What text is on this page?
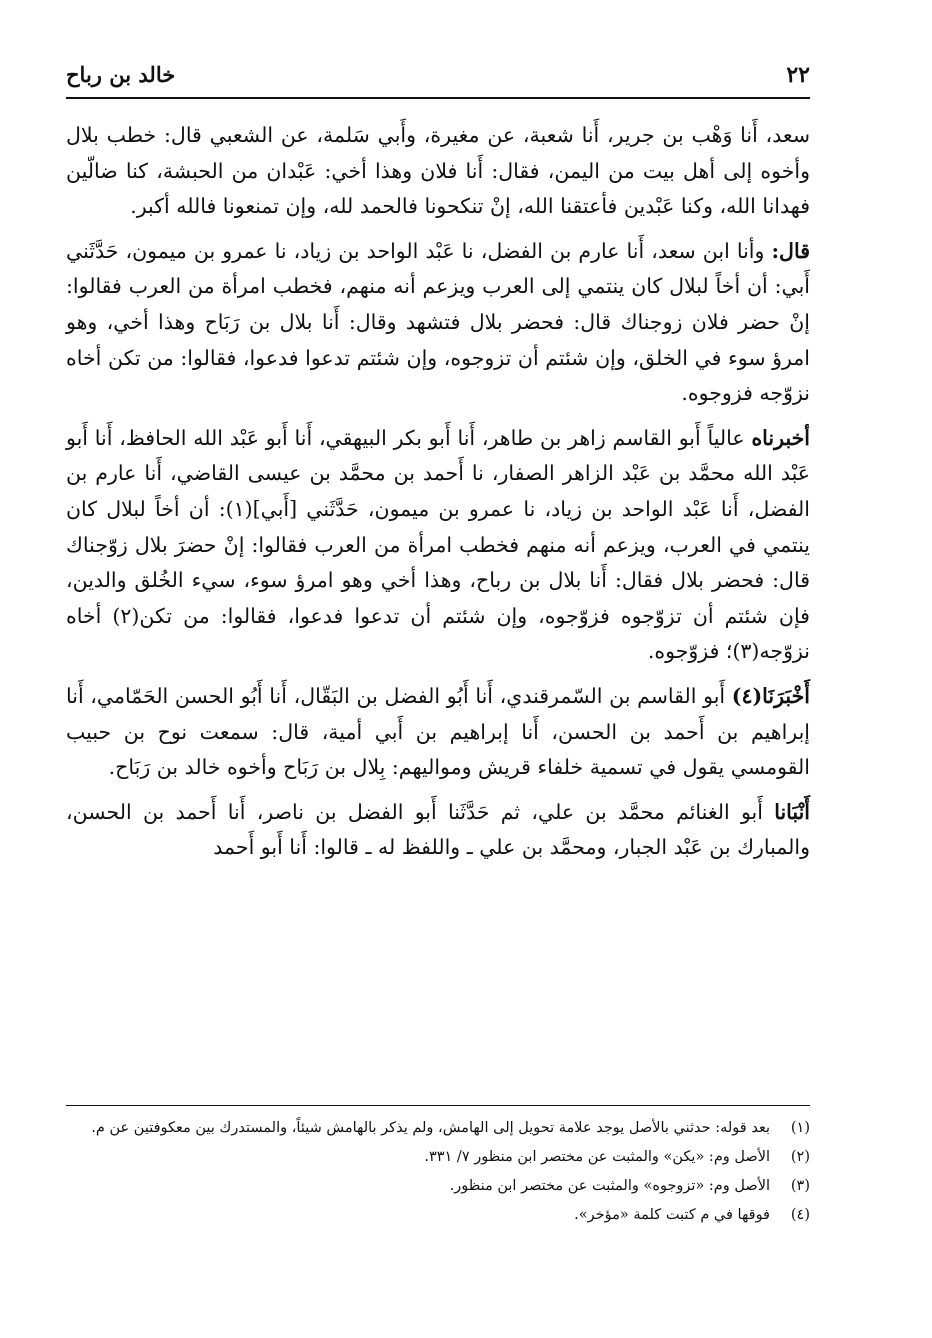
٢٢
خالد بن رباح

سعد، أَنا وَهْب بن جرير، أَنا شعبة، عن مغيرة، وأَبي سَلمة، عن الشعبي قال: خطب بلال وأخوه إلى أهل بيت من اليمن، فقال: أَنا فلان وهذا أخي: عَبْدان من الحبشة، كنا ضالّين فهدانا الله، وكنا عَبْدين فأعتقنا الله، إنْ تنكحونا فالحمد لله، وإن تمنعونا فالله أكبر.

قال: وأنا ابن سعد، أَنا عارم بن الفضل، نا عَبْد الواحد بن زياد، نا عمرو بن ميمون، حَدَّثَني أَبي: أن أخاً لبلال كان ينتمي إلى العرب ويزعم أنه منهم، فخطب امرأة من العرب فقالوا: إنْ حضر فلان زوجناك قال: فحضر بلال فتشهد وقال: أَنا بلال بن رَبَاح وهذا أخي، وهو امرؤ سوء في الخلق، وإن شئتم أن تزوجوه، وإن شئتم تدعوا فدعوا، فقالوا: من تكن أخاه نزوّجه فزوجوه.

أخبرناه عالياً أَبو القاسم زاهر بن طاهر، أَنا أَبو بكر البيهقي، أَنا أَبو عَبْد الله الحافظ، أَنا أَبو عَبْد الله محمَّد بن عَبْد الزاهر الصفار، نا أَحمد بن محمَّد بن عيسى القاضي، أَنا عارم بن الفضل، أَنا عَبْد الواحد بن زياد، نا عمرو بن ميمون، حَدَّثَني [أَبي](١): أن أخاً لبلال كان ينتمي في العرب، ويزعم أنه منهم فخطب امرأة من العرب فقالوا: إنْ حضرَ بلال زوّجناك قال: فحضر بلال فقال: أَنا بلال بن رباح، وهذا أخي وهو امرؤ سوء، سيء الخُلق والدين، فإن شئتم أن تزوّجوه فزوّجوه، وإن شئتم أن تدعوا فدعوا، فقالوا: من تكن(٢) أخاه نزوّجه(٣)؛ فزوّجوه.

أَخْبَرَنَا(٤) أَبو القاسم بن السّمرقندي، أَنا أَبُو الفضل بن البَقّال، أَنا أَبُو الحسن الحَمّامي، أَنا إبراهيم بن أَحمد بن الحسن، أَنا إبراهيم بن أَبي أمية، قال: سمعت نوح بن حبيب القومسي يقول في تسمية خلفاء قريش ومواليهم: بِلال بن رَبَاح وأخوه خالد بن رَبَاح.

أَنْبَانا أَبو الغنائم محمَّد بن علي، ثم حَدَّثَنا أَبو الفضل بن ناصر، أَنا أَحمد بن الحسن، والمبارك بن عَبْد الجبار، ومحمَّد بن علي ـ واللفظ له ـ قالوا: أَنا أَبو أَحمد

(١)
بعد قوله: حدثني بالأصل يوجد علامة تحويل إلى الهامش، ولم يذكر بالهامش شيئاً، والمستدرك بين معكوفتين عن م.
(٢)
الأصل وم: «يكن» والمثبت عن مختصر ابن منظور ٧/ ٣٣١.
(٣)
الأصل وم: «تزوجوه» والمثبت عن مختصر ابن منظور.
(٤)
فوقها في م كتبت كلمة «مؤخر».
